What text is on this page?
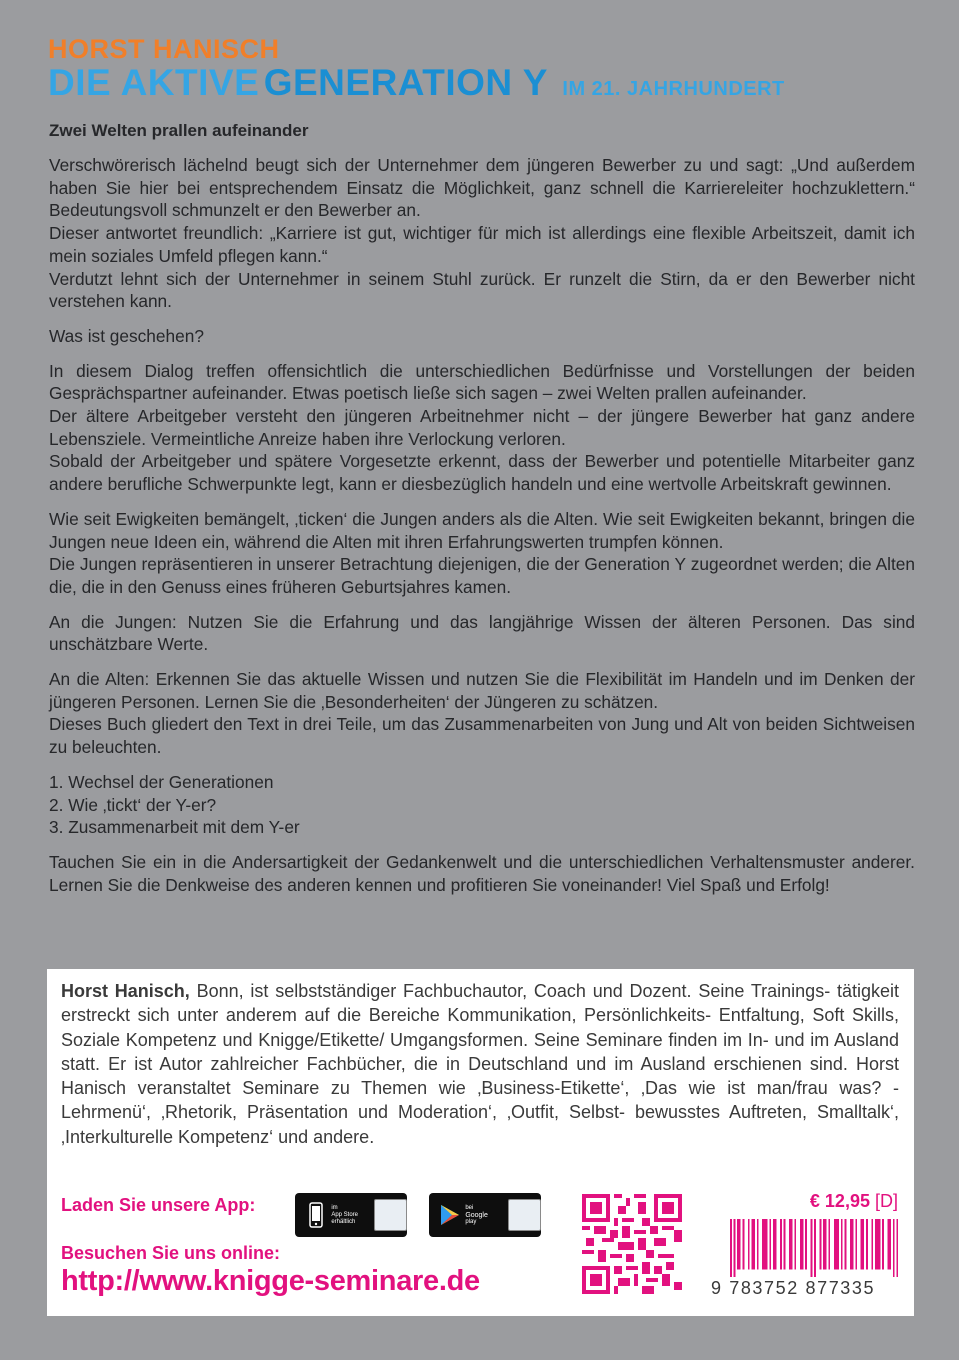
HORST HANISCH
DIE AKTIVE GENERATION Y IM 21. JAHRHUNDERT
Zwei Welten prallen aufeinander

Verschwörerisch lächelnd beugt sich der Unternehmer dem jüngeren Bewerber zu und sagt: „Und außerdem haben Sie hier bei entsprechendem Einsatz die Möglichkeit, ganz schnell die Karriereleiter hochzuklettern.“ Bedeutungsvoll schmunzelt er den Bewerber an.
Dieser antwortet freundlich: „Karriere ist gut, wichtiger für mich ist allerdings eine flexible Arbeitszeit, damit ich mein soziales Umfeld pflegen kann.“
Verdutzt lehnt sich der Unternehmer in seinem Stuhl zurück. Er runzelt die Stirn, da er den Bewerber nicht verstehen kann.

Was ist geschehen?

In diesem Dialog treffen offensichtlich die unterschiedlichen Bedürfnisse und Vorstellungen der beiden Gesprächspartner aufeinander. Etwas poetisch ließe sich sagen – zwei Welten prallen aufeinander.
Der ältere Arbeitgeber versteht den jüngeren Arbeitnehmer nicht – der jüngere Bewerber hat ganz andere Lebensziele. Vermeintliche Anreize haben ihre Verlockung verloren.
Sobald der Arbeitgeber und spätere Vorgesetzte erkennt, dass der Bewerber und potentielle Mitarbeiter ganz andere berufliche Schwerpunkte legt, kann er diesbezüglich handeln und eine wertvolle Arbeitskraft gewinnen.

Wie seit Ewigkeiten bemängelt, ‚ticken‘ die Jungen anders als die Alten. Wie seit Ewigkeiten bekannt, bringen die Jungen neue Ideen ein, während die Alten mit ihren Erfahrungswerten trumpfen können.
Die Jungen repräsentieren in unserer Betrachtung diejenigen, die der Generation Y zugeordnet werden; die Alten die, die in den Genuss eines früheren Geburtsjahres kamen.

An die Jungen: Nutzen Sie die Erfahrung und das langjährige Wissen der älteren Personen. Das sind unschätzbare Werte.

An die Alten: Erkennen Sie das aktuelle Wissen und nutzen Sie die Flexibilität im Handeln und im Denken der jüngeren Personen. Lernen Sie die ‚Besonderheiten‘ der Jüngeren zu schätzen.
Dieses Buch gliedert den Text in drei Teile, um das Zusammenarbeiten von Jung und Alt von beiden Sichtweisen zu beleuchten.

1. Wechsel der Generationen
2. Wie ‚tickt‘ der Y-er?
3. Zusammenarbeit mit dem Y-er

Tauchen Sie ein in die Andersartigkeit der Gedankenwelt und die unterschiedlichen Verhaltensmuster anderer. Lernen Sie die Denkweise des anderen kennen und profitieren Sie voneinander! Viel Spaß und Erfolg!

Horst Hanisch, Bonn, ist selbstständiger Fachbuchautor, Coach und Dozent. Seine Trainings- tätigkeit erstreckt sich unter anderem auf die Bereiche Kommunikation, Persönlichkeits- Entfaltung, Soft Skills, Soziale Kompetenz und Knigge/Etikette/ Umgangsformen. Seine Seminare finden im In- und im Ausland statt. Er ist Autor zahlreicher Fachbücher, die in Deutschland und im Ausland erschienen sind. Horst Hanisch veranstaltet Seminare zu Themen wie ‚Business-Etikette‘, ‚Das wie ist man/frau was? - Lehrmenü‘, ‚Rhetorik, Präsentation und Moderation‘, ‚Outfit, Selbst- bewusstes Auftreten, Smalltalk‘, ‚Interkulturelle Kompetenz‘ und andere.
Laden Sie unsere App:	im
App Store
erhältlich
bei
Google
play
Besuchen Sie uns online:
http://www.knigge-seminare.de
€ 12,95 [D]
9 783752 877335
